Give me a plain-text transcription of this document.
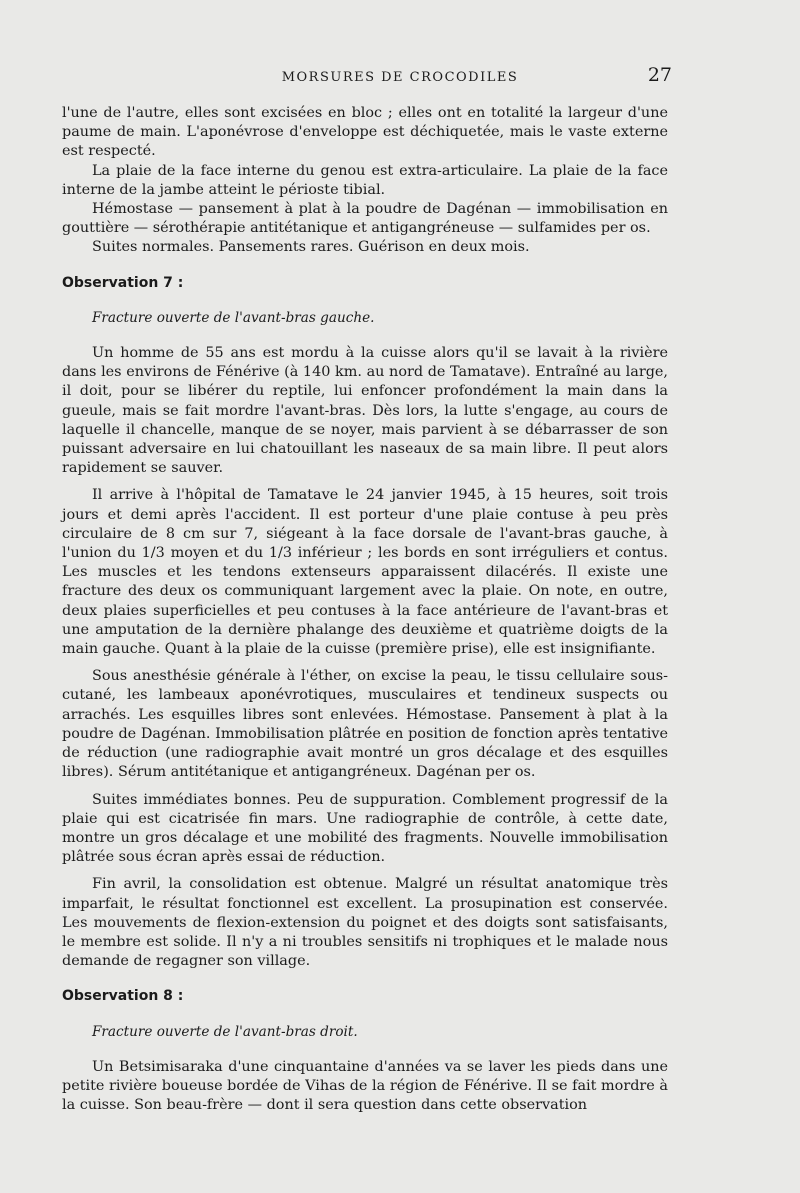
MORSURES DE CROCODILES	27

l'une de l'autre, elles sont excisées en bloc ; elles ont en totalité la largeur d'une paume de main. L'aponévrose d'enveloppe est déchiquetée, mais le vaste externe est respecté.

La plaie de la face interne du genou est extra-articulaire. La plaie de la face interne de la jambe atteint le périoste tibial.

Hémostase — pansement à plat à la poudre de Dagénan — immobilisation en gouttière — sérothérapie antitétanique et antigangréneuse — sulfamides per os.

Suites normales. Pansements rares. Guérison en deux mois.

Observation 7 :

Fracture ouverte de l'avant-bras gauche.

Un homme de 55 ans est mordu à la cuisse alors qu'il se lavait à la rivière dans les environs de Fénérive (à 140 km. au nord de Tamatave). Entraîné au large, il doit, pour se libérer du reptile, lui enfoncer profondément la main dans la gueule, mais se fait mordre l'avant-bras. Dès lors, la lutte s'engage, au cours de laquelle il chancelle, manque de se noyer, mais parvient à se débarrasser de son puissant adversaire en lui chatouillant les naseaux de sa main libre. Il peut alors rapidement se sauver.

Il arrive à l'hôpital de Tamatave le 24 janvier 1945, à 15 heures, soit trois jours et demi après l'accident. Il est porteur d'une plaie contuse à peu près circulaire de 8 cm sur 7, siégeant à la face dorsale de l'avant-bras gauche, à l'union du 1/3 moyen et du 1/3 inférieur ; les bords en sont irréguliers et contus. Les muscles et les tendons extenseurs apparaissent dilacérés. Il existe une fracture des deux os communiquant largement avec la plaie. On note, en outre, deux plaies superficielles et peu contuses à la face antérieure de l'avant-bras et une amputation de la dernière phalange des deuxième et quatrième doigts de la main gauche. Quant à la plaie de la cuisse (première prise), elle est insignifiante.

Sous anesthésie générale à l'éther, on excise la peau, le tissu cellulaire sous-cutané, les lambeaux aponévrotiques, musculaires et tendineux suspects ou arrachés. Les esquilles libres sont enlevées. Hémostase. Pansement à plat à la poudre de Dagénan. Immobilisation plâtrée en position de fonction après tentative de réduction (une radiographie avait montré un gros décalage et des esquilles libres). Sérum antitétanique et antigangréneux. Dagénan per os.

Suites immédiates bonnes. Peu de suppuration. Comblement progressif de la plaie qui est cicatrisée fin mars. Une radiographie de contrôle, à cette date, montre un gros décalage et une mobilité des fragments. Nouvelle immobilisation plâtrée sous écran après essai de réduction.

Fin avril, la consolidation est obtenue. Malgré un résultat anatomique très imparfait, le résultat fonctionnel est excellent. La prosupination est conservée. Les mouvements de flexion-extension du poignet et des doigts sont satisfaisants, le membre est solide. Il n'y a ni troubles sensitifs ni trophiques et le malade nous demande de regagner son village.

Observation 8 :

Fracture ouverte de l'avant-bras droit.

Un Betsimisaraka d'une cinquantaine d'années va se laver les pieds dans une petite rivière boueuse bordée de Vihas de la région de Fénérive. Il se fait mordre à la cuisse. Son beau-frère — dont il sera question dans cette observation
